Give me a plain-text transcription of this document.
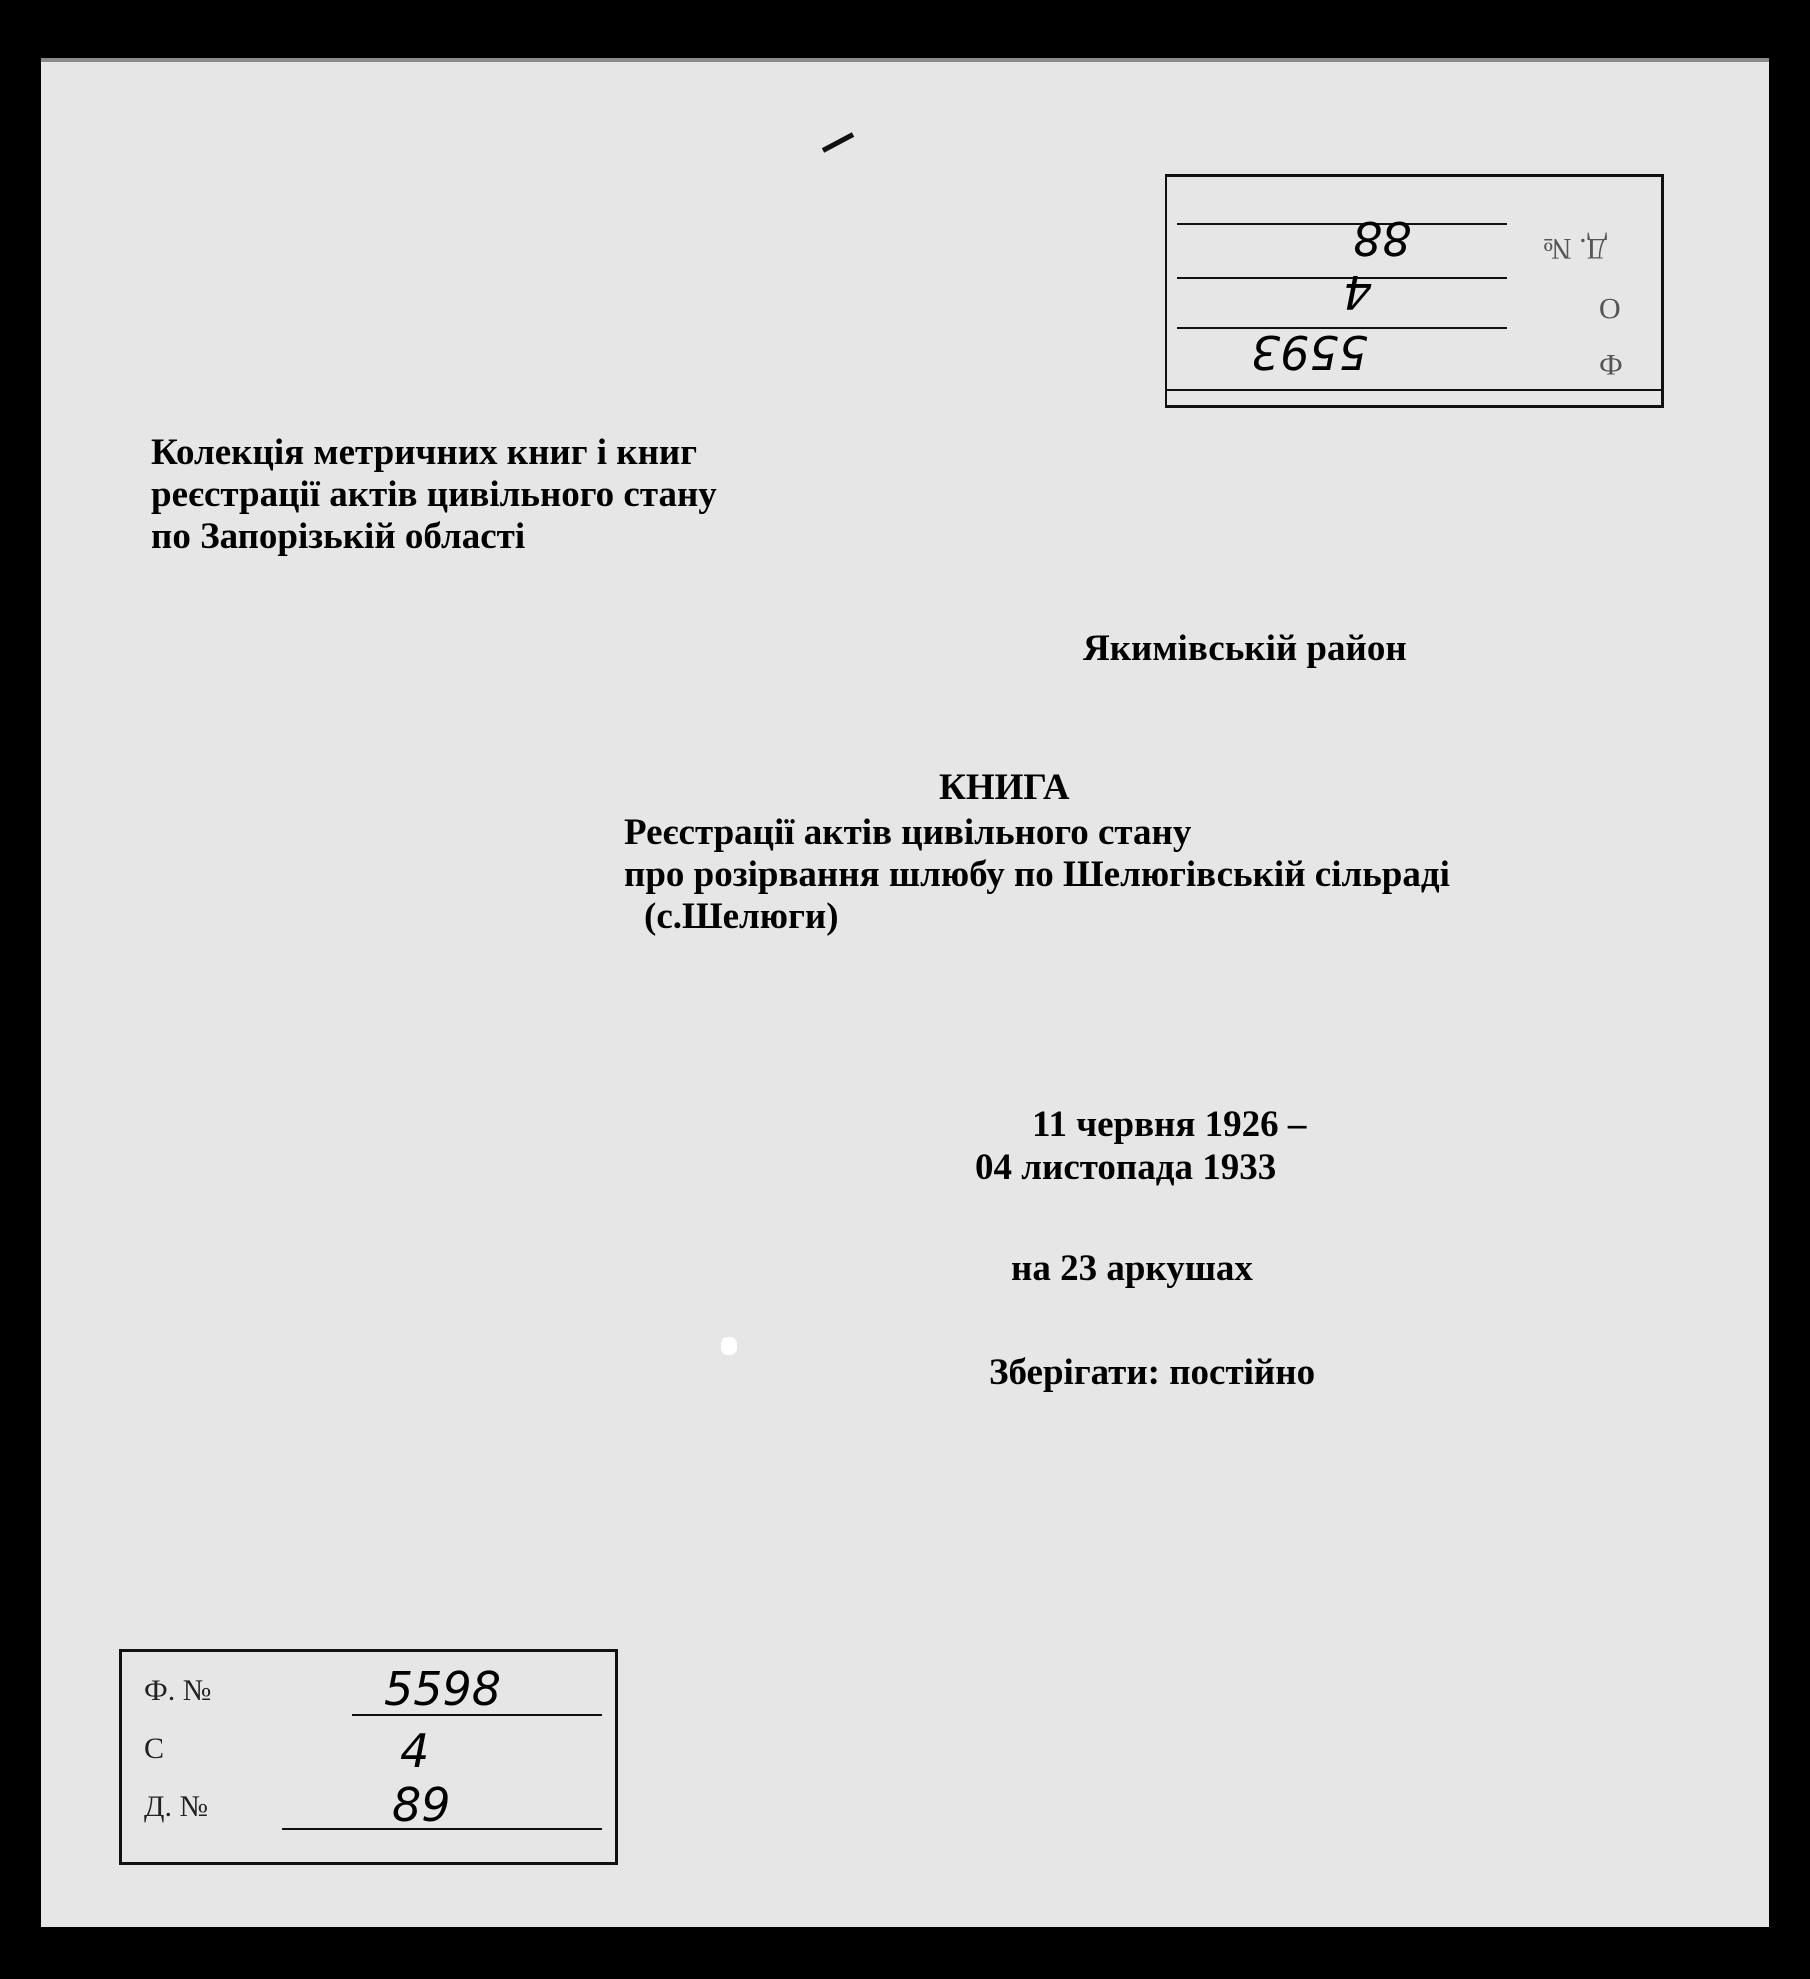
88
4
5593
Д. №
О
Ф
Колекція метричних книг і книг
реєстрації актів цивільного стану
по Запорізькій області
Якимівській район
КНИГА
Реєстрації актів цивільного стану
про розірвання шлюбу по Шелюгівській сільраді
(с.Шелюги)
11 червня 1926 –
04 листопада 1933
на 23 аркушах
Зберігати: постійно
Ф. №
С
Д. №
5598
4
89
